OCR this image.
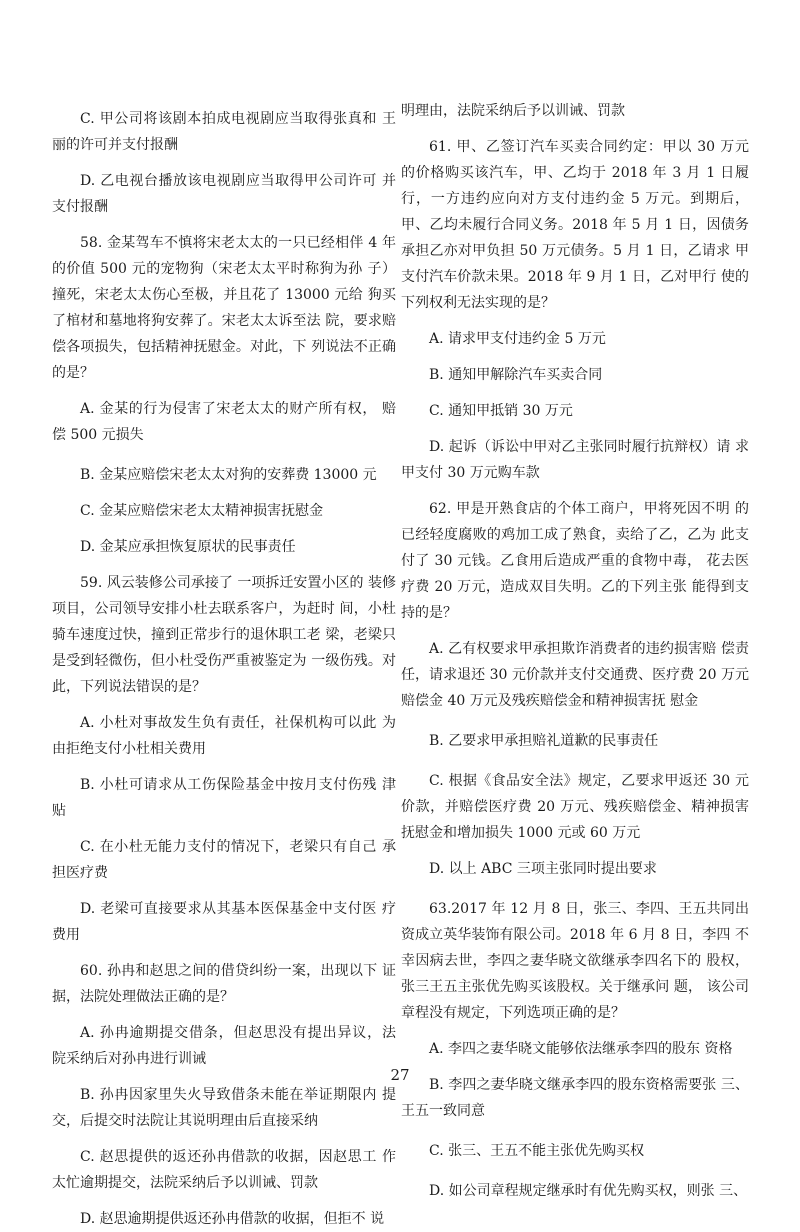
C. 甲公司将该剧本拍成电视剧应当取得张真和 王丽的许可并支付报酬

D. 乙电视台播放该电视剧应当取得甲公司许可 并支付报酬

58. 金某驾车不慎将宋老太太的一只已经相伴 4 年的价值 500 元的宠物狗（宋老太太平时称狗为孙 子）撞死，宋老太太伤心至极，并且花了 13000 元给 狗买了棺材和墓地将狗安葬了。宋老太太诉至法 院，要求赔偿各项损失，包括精神抚慰金。对此，下 列说法不正确的是？

A. 金某的行为侵害了宋老太太的财产所有权， 赔偿 500 元损失

B. 金某应赔偿宋老太太对狗的安葬费 13000 元

C. 金某应赔偿宋老太太精神损害抚慰金

D. 金某应承担恢复原状的民事责任

59. 风云装修公司承接了 一项拆迁安置小区的 装修项目，公司领导安排小杜去联系客户，为赶时 间，小杜骑车速度过快，撞到正常步行的退休职工老 梁，老梁只是受到轻微伤，但小杜受伤严重被鉴定为 一级伤残。对此，下列说法错误的是？

A. 小杜对事故发生负有责任，社保机构可以此 为由拒绝支付小杜相关费用

B. 小杜可请求从工伤保险基金中按月支付伤残 津贴

C. 在小杜无能力支付的情况下，老梁只有自己 承担医疗费

D. 老梁可直接要求从其基本医保基金中支付医 疗费用

60. 孙冉和赵思之间的借贷纠纷一案，出现以下 证据，法院处理做法正确的是？

A. 孙冉逾期提交借条，但赵思没有提出异议，法 院采纳后对孙冉进行训诫

B. 孙冉因家里失火导致借条未能在举证期限内 提交，后提交时法院让其说明理由后直接采纳

C. 赵思提供的返还孙冉借款的收据，因赵思工 作太忙逾期提交，法院采纳后予以训诫、罚款

D. 赵思逾期提供返还孙冉借款的收据，但拒不 说

明理由，法院采纳后予以训诫、罚款

61. 甲、乙签订汽车买卖合同约定：甲以 30 万元 的价格购买该汽车，甲、乙均于 2018 年 3 月 1 日履 行，一方违约应向对方支付违约金 5 万元。到期后， 甲、乙均未履行合同义务。2018 年 5 月 1 日，因债务 承担乙亦对甲负担 50 万元债务。5 月 1 日，乙请求 甲支付汽车价款未果。2018 年 9 月 1 日，乙对甲行 使的下列权利无法实现的是？

A. 请求甲支付违约金 5 万元

B. 通知甲解除汽车买卖合同

C. 通知甲抵销 30 万元

D. 起诉（诉讼中甲对乙主张同时履行抗辩权）请 求甲支付 30 万元购车款

62. 甲是开熟食店的个体工商户，甲将死因不明 的已经轻度腐败的鸡加工成了熟食，卖给了乙，乙为 此支付了 30 元钱。乙食用后造成严重的食物中毒， 花去医疗费 20 万元，造成双目失明。乙的下列主张 能得到支持的是？

A. 乙有权要求甲承担欺诈消费者的违约损害赔 偿责任，请求退还 30 元价款并支付交通费、医疗费 20 万元赔偿金 40 万元及残疾赔偿金和精神损害抚 慰金

B. 乙要求甲承担赔礼道歉的民事责任

C. 根据《食品安全法》规定，乙要求甲返还 30 元 价款，并赔偿医疗费 20 万元、残疾赔偿金、精神损害 抚慰金和增加损失 1000 元或 60 万元

D. 以上 ABC 三项主张同时提出要求

63.2017 年 12 月 8 日，张三、李四、王五共同出 资成立英华装饰有限公司。2018 年 6 月 8 日，李四 不幸因病去世，李四之妻华晓文欲继承李四名下的 股权，张三王五主张优先购买该股权。关于继承问 题， 该公司章程没有规定，下列选项正确的是？

A. 李四之妻华晓文能够依法继承李四的股东 资格

B. 李四之妻华晓文继承李四的股东资格需要张 三、王五一致同意

C. 张三、王五不能主张优先购买权

D. 如公司章程规定继承时有优先购买权，则张 三、

27
